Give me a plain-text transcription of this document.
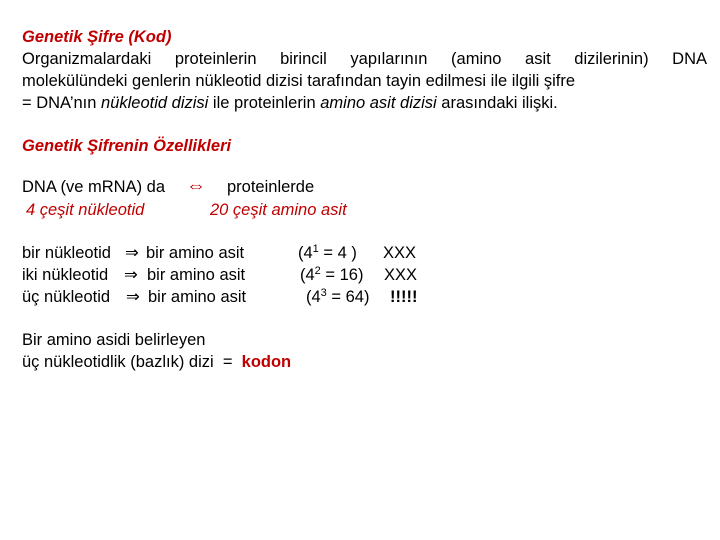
Genetik Şifre (Kod)
Organizmalardaki proteinlerin birincil yapılarının (amino asit dizilerinin) DNA
molekülündeki genlerin nükleotid dizisi tarafından tayin edilmesi ile ilgili şifre
= DNA’nın nükleotid dizisi ile proteinlerin amino asit dizisi arasındaki ilişki.
Genetik Şifrenin Özellikleri
DNA (ve mRNA) da ⇔ proteinlerde
4 çeşit nükleotid	20 çeşit amino asit
bir nükleotid ⇒ bir amino asit	($4^1 = 4$ ) XXX
iki nükleotid ⇒ bir amino asit	$(4^2 = 16)$ XXX
üç nükleotid ⇒ bir amino asit	$(4^3 = 64)$ !!!!!
Bir amino asidi belirleyen
üç nükleotidlik (bazlık) dizi  =  kodon
